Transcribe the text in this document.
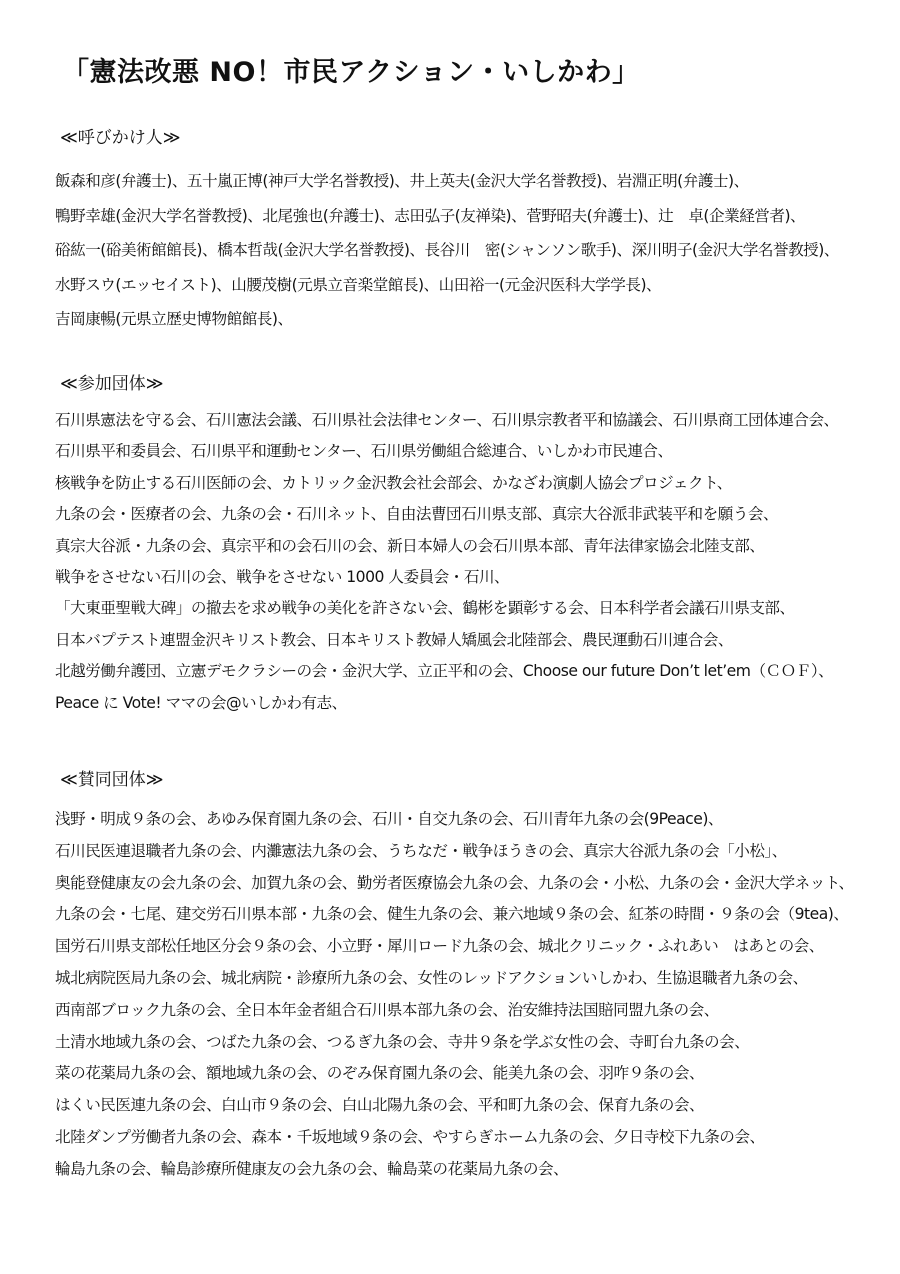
「憲法改悪 NO！市民アクション・いしかわ」
≪呼びかけ人≫
飯森和彦(弁護士)、五十嵐正博(神戸大学名誉教授)、井上英夫(金沢大学名誉教授)、岩淵正明(弁護士)、
鴨野幸雄(金沢大学名誉教授)、北尾強也(弁護士)、志田弘子(友禅染)、菅野昭夫(弁護士)、辻　卓(企業経営者)、
硲紘一(硲美術館館長)、橋本哲哉(金沢大学名誉教授)、長谷川　密(シャンソン歌手)、深川明子(金沢大学名誉教授)、
水野スウ(エッセイスト)、山腰茂樹(元県立音楽堂館長)、山田裕一(元金沢医科大学学長)、
吉岡康暢(元県立歴史博物館館長)、
≪参加団体≫
石川県憲法を守る会、石川憲法会議、石川県社会法律センター、石川県宗教者平和協議会、石川県商工団体連合会、
石川県平和委員会、石川県平和運動センター、石川県労働組合総連合、いしかわ市民連合、
核戦争を防止する石川医師の会、カトリック金沢教会社会部会、かなざわ演劇人協会プロジェクト、
九条の会・医療者の会、九条の会・石川ネット、自由法曹団石川県支部、真宗大谷派非武装平和を願う会、
真宗大谷派・九条の会、真宗平和の会石川の会、新日本婦人の会石川県本部、青年法律家協会北陸支部、
戦争をさせない石川の会、戦争をさせない 1000 人委員会・石川、
「大東亜聖戦大碑」の撤去を求め戦争の美化を許さない会、鶴彬を顕彰する会、日本科学者会議石川県支部、
日本バプテスト連盟金沢キリスト教会、日本キリスト教婦人矯風会北陸部会、農民運動石川連合会、
北越労働弁護団、立憲デモクラシーの会・金沢大学、立正平和の会、Choose our future Don’t let’em（ＣＯＦ）、
Peace に Vote! ママの会@いしかわ有志、
≪賛同団体≫
浅野・明成９条の会、あゆみ保育園九条の会、石川・自交九条の会、石川青年九条の会(9Peace)、
石川民医連退職者九条の会、内灘憲法九条の会、うちなだ・戦争ほうきの会、真宗大谷派九条の会「小松」、
奥能登健康友の会九条の会、加賀九条の会、勤労者医療協会九条の会、九条の会・小松、九条の会・金沢大学ネット、
九条の会・七尾、建交労石川県本部・九条の会、健生九条の会、兼六地域９条の会、紅茶の時間・９条の会（9tea)、
国労石川県支部松任地区分会９条の会、小立野・犀川ロード九条の会、城北クリニック・ふれあい　はあとの会、
城北病院医局九条の会、城北病院・診療所九条の会、女性のレッドアクションいしかわ、生協退職者九条の会、
西南部ブロック九条の会、全日本年金者組合石川県本部九条の会、治安維持法国賠同盟九条の会、
土清水地域九条の会、つばた九条の会、つるぎ九条の会、寺井９条を学ぶ女性の会、寺町台九条の会、
菜の花薬局九条の会、額地域九条の会、のぞみ保育園九条の会、能美九条の会、羽咋９条の会、
はくい民医連九条の会、白山市９条の会、白山北陽九条の会、平和町九条の会、保育九条の会、
北陸ダンプ労働者九条の会、森本・千坂地域９条の会、やすらぎホーム九条の会、夕日寺校下九条の会、
輪島九条の会、輪島診療所健康友の会九条の会、輪島菜の花薬局九条の会、
